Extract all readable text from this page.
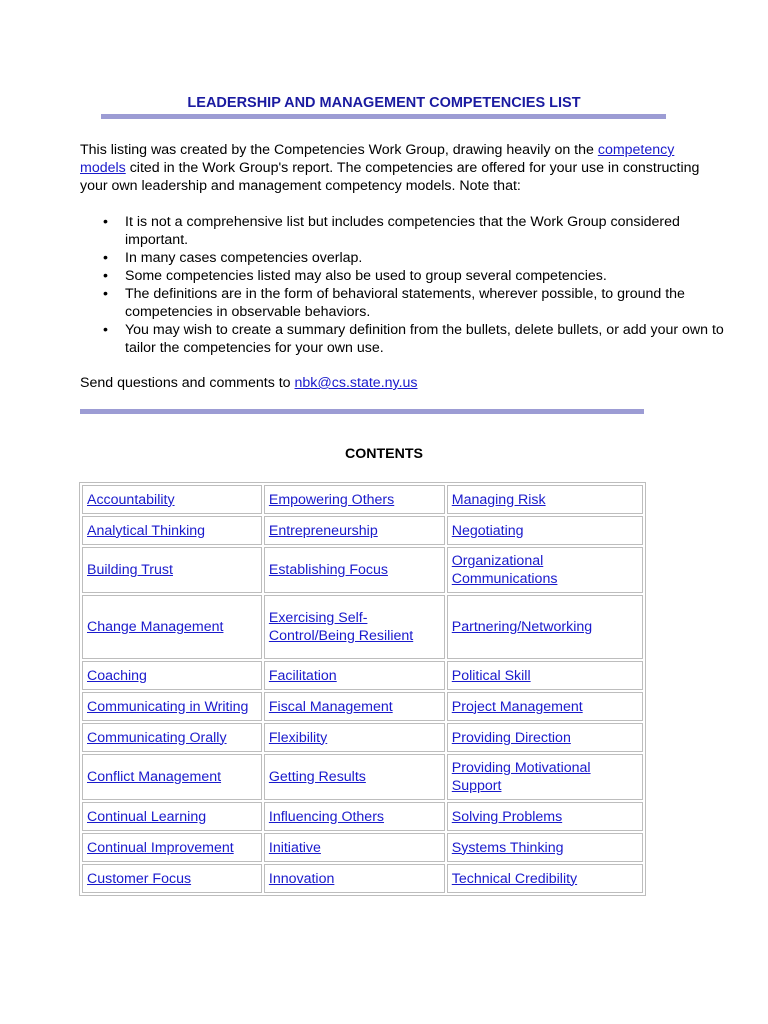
LEADERSHIP AND MANAGEMENT COMPETENCIES LIST

This listing was created by the Competencies Work Group, drawing heavily on the competency models cited in the Work Group's report. The competencies are offered for your use in constructing your own leadership and management competency models. Note that:

• It is not a comprehensive list but includes competencies that the Work Group considered important.
• In many cases competencies overlap.
• Some competencies listed may also be used to group several competencies.
• The definitions are in the form of behavioral statements, wherever possible, to ground the competencies in observable behaviors.
• You may wish to create a summary definition from the bullets, delete bullets, or add your own to tailor the competencies for your own use.

Send questions and comments to nbk@cs.state.ny.us

CONTENTS
Accountability	Empowering Others	Managing Risk
Analytical Thinking	Entrepreneurship	Negotiating
Building Trust	Establishing Focus	Organizational Communications
Change Management	Exercising Self-Control/Being Resilient	Partnering/Networking
Coaching	Facilitation	Political Skill
Communicating in Writing	Fiscal Management	Project Management
Communicating Orally	Flexibility	Providing Direction
Conflict Management	Getting Results	Providing Motivational Support
Continual Learning	Influencing Others	Solving Problems
Continual Improvement	Initiative	Systems Thinking
Customer Focus	Innovation	Technical Credibility
